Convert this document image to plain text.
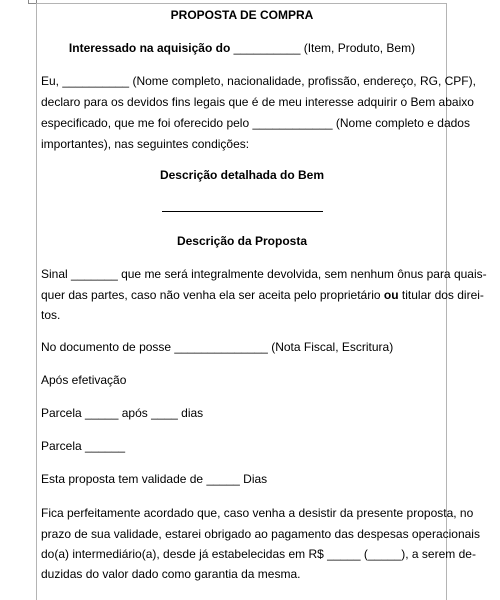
PROPOSTA DE COMPRA
Interessado na aquisição do __________ (Item, Produto, Bem)
Eu, __________ (Nome completo, nacionalidade, profissão, endereço, RG, CPF),
declaro para os devidos fins legais que é de meu interesse adquirir o Bem abaixo
especificado, que me foi oferecido pelo ____________ (Nome completo e dados
importantes), nas seguintes condições:
Descrição detalhada do Bem
Descrição da Proposta
Sinal _______ que me será integralmente devolvida, sem nenhum ônus para quais-
quer das partes, caso não venha ela ser aceita pelo proprietário ou titular dos direi-
tos.
No documento de posse ______________ (Nota Fiscal, Escritura)
Após efetivação
Parcela _____ após ____ dias
Parcela ______
Esta proposta tem validade de _____ Dias
Fica perfeitamente acordado que, caso venha a desistir da presente proposta, no
prazo de sua validade, estarei obrigado ao pagamento das despesas operacionais
do(a) intermediário(a), desde já estabelecidas em R$ _____ (_____), a serem de-
duzidas do valor dado como garantia da mesma.
